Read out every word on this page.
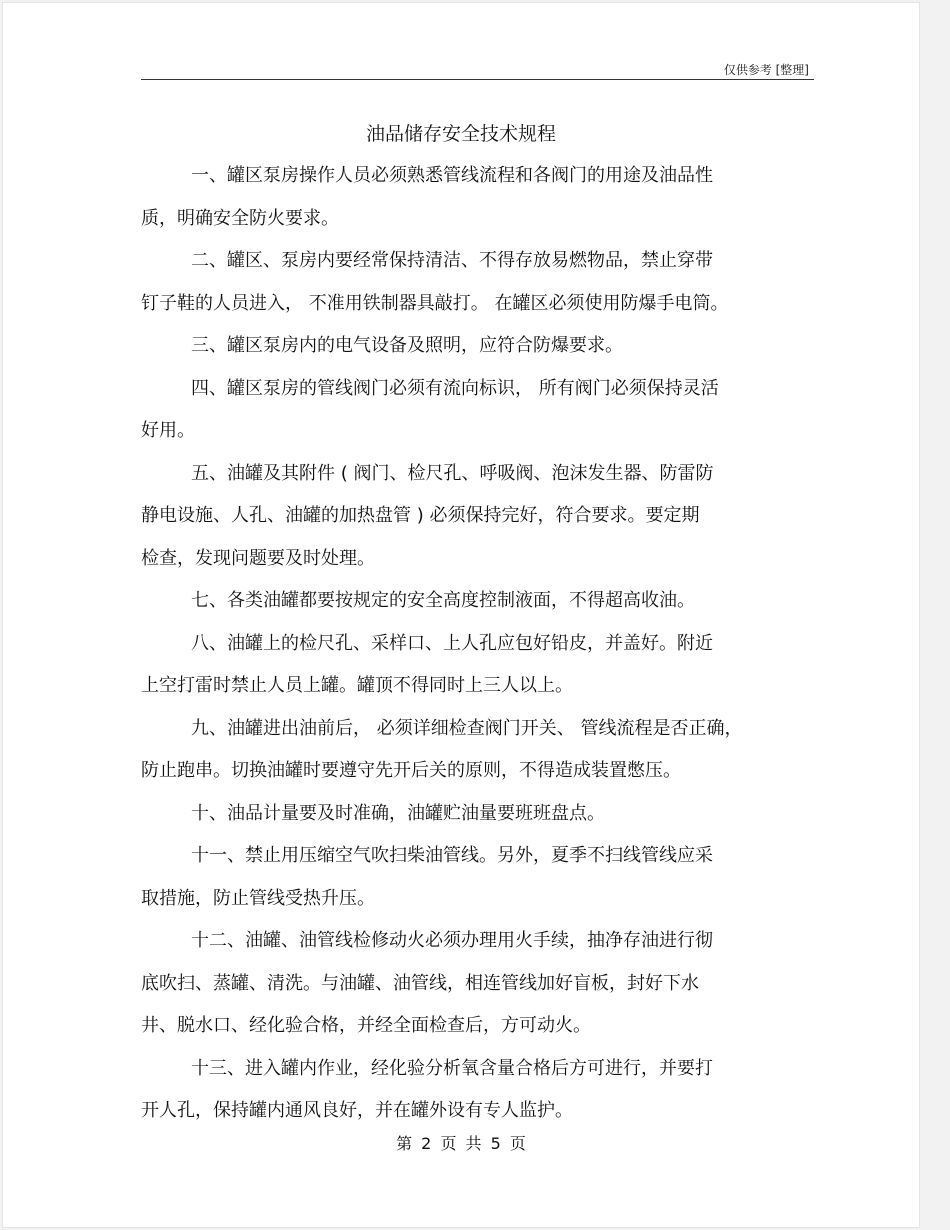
仅供参考 [整理]
油品储存安全技术规程
一、罐区泵房操作人员必须熟悉管线流程和各阀门的用途及油品性
质，明确安全防火要求。
二、罐区、泵房内要经常保持清洁、不得存放易燃物品，禁止穿带
钉子鞋的人员进入， 不准用铁制器具敲打。 在罐区必须使用防爆手电筒。
三、罐区泵房内的电气设备及照明，应符合防爆要求。
四、罐区泵房的管线阀门必须有流向标识， 所有阀门必须保持灵活
好用。
五、油罐及其附件 ( 阀门、检尺孔、呼吸阀、泡沫发生器、防雷防
静电设施、人孔、油罐的加热盘管 ) 必须保持完好，符合要求。要定期
检查，发现问题要及时处理。
七、各类油罐都要按规定的安全高度控制液面，不得超高收油。
八、油罐上的检尺孔、采样口、上人孔应包好铅皮，并盖好。附近
上空打雷时禁止人员上罐。罐顶不得同时上三人以上。
九、油罐进出油前后， 必须详细检查阀门开关、 管线流程是否正确，
防止跑串。切换油罐时要遵守先开后关的原则，不得造成装置憋压。
十、油品计量要及时准确，油罐贮油量要班班盘点。
十一、禁止用压缩空气吹扫柴油管线。另外，夏季不扫线管线应采
取措施，防止管线受热升压。
十二、油罐、油管线检修动火必须办理用火手续，抽净存油进行彻
底吹扫、蒸罐、清洗。与油罐、油管线，相连管线加好盲板，封好下水
井、脱水口、经化验合格，并经全面检查后，方可动火。
十三、进入罐内作业，经化验分析氧含量合格后方可进行，并要打
开人孔，保持罐内通风良好，并在罐外设有专人监护。
第 2 页 共 5 页
